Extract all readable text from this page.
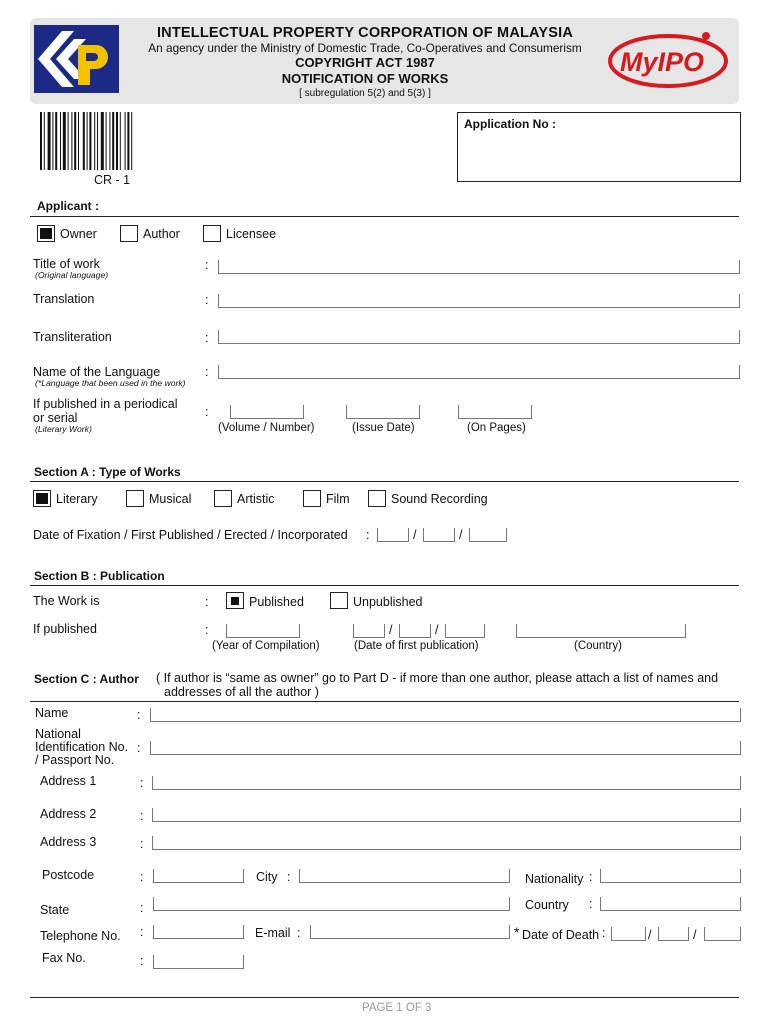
MyIPO
INTELLECTUAL PROPERTY CORPORATION OF MALAYSIA
An agency under the Ministry of Domestic Trade, Co-Operatives and Consumerism
COPYRIGHT ACT 1987
NOTIFICATION OF WORKS
[ subregulation 5(2) and 5(3) ]
CR - 1
Application No :
Applicant :
Owner	Author	Licensee
Title of work
(Original language)
:
Translation	:
Transliteration	:
Name of the Language
(*Language that been used in the work)
:
If published in a periodical
or serial
(Literary Work)
:
(Volume / Number)	(Issue Date)	(On Pages)
Section A : Type of Works
Literary	Musical	Artistic	Film	Sound Recording
Date of Fixation / First Published / Erected / Incorporated :	/	/
Section B : Publication
The Work is	:	Published	Unpublished
If published	:	/	/
(Year of Compilation)	(Date of first publication)	(Country)
Section C : Author ( If author is “same as owner” go to Part D - if more than one author, please attach a list of names and
addresses of all the author )
Name	:
National
Identification No.
/ Passport No.
:
Address 1	:
Address 2	:
Address 3	:
Postcode	:	City :	Nationality :
State	:	Country :
Telephone No. :	E-mail :	* Date of Death :	/	/
Fax No.	:
PAGE 1 OF 3
